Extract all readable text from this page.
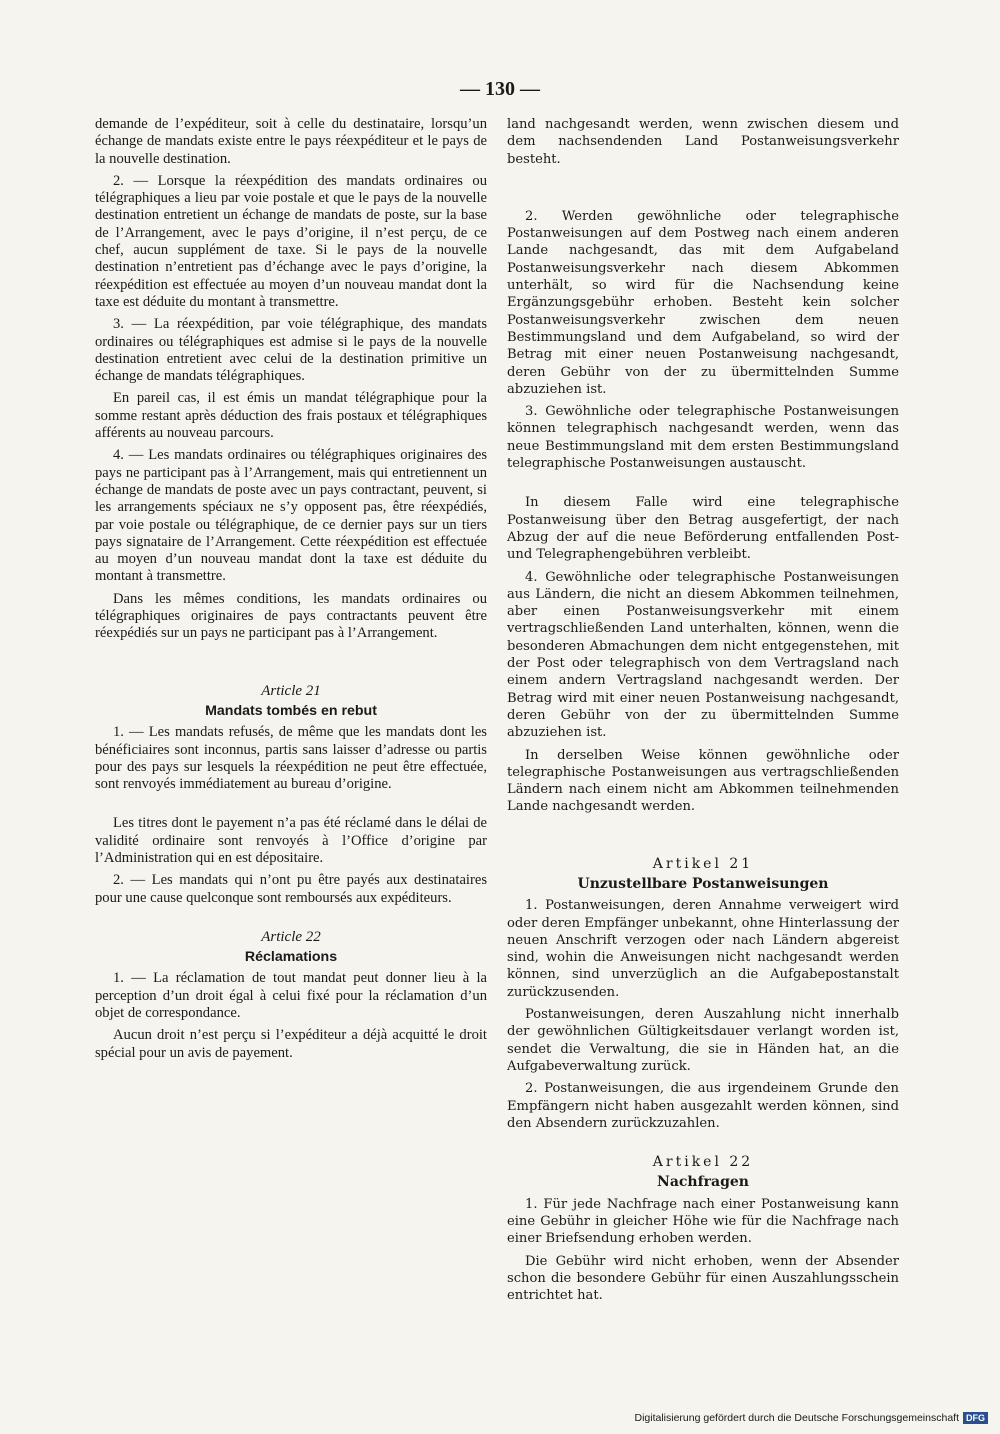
— 130 —

demande de l’expéditeur, soit à celle du destinataire, lorsqu’un échange de mandats existe entre le pays réexpéditeur et le pays de la nouvelle destination.

2. — Lorsque la réexpédition des mandats ordinaires ou télégraphiques a lieu par voie postale et que le pays de la nouvelle destination entretient un échange de mandats de poste, sur la base de l’Arrangement, avec le pays d’origine, il n’est perçu, de ce chef, aucun supplément de taxe. Si le pays de la nouvelle destination n’entretient pas d’échange avec le pays d’origine, la réexpédition est effectuée au moyen d’un nouveau mandat dont la taxe est déduite du montant à transmettre.

3. — La réexpédition, par voie télégraphique, des mandats ordinaires ou télégraphiques est admise si le pays de la nouvelle destination entretient avec celui de la destination primitive un échange de mandats télégraphiques.

En pareil cas, il est émis un mandat télégraphique pour la somme restant après déduction des frais postaux et télégraphiques afférents au nouveau parcours.

4. — Les mandats ordinaires ou télégraphiques originaires des pays ne participant pas à l’Arrangement, mais qui entretiennent un échange de mandats de poste avec un pays contractant, peuvent, si les arrangements spéciaux ne s’y opposent pas, être réexpédiés, par voie postale ou télégraphique, de ce dernier pays sur un tiers pays signataire de l’Arrangement. Cette réexpédition est effectuée au moyen d’un nouveau mandat dont la taxe est déduite du montant à transmettre.

Dans les mêmes conditions, les mandats ordinaires ou télégraphiques originaires de pays contractants peuvent être réexpédiés sur un pays ne participant pas à l’Arrangement.

Article 21

Mandats tombés en rebut

1. — Les mandats refusés, de même que les mandats dont les bénéficiaires sont inconnus, partis sans laisser d’adresse ou partis pour des pays sur lesquels la réexpédition ne peut être effectuée, sont renvoyés immédiatement au bureau d’origine.

Les titres dont le payement n’a pas été réclamé dans le délai de validité ordinaire sont renvoyés à l’Office d’origine par l’Administration qui en est dépositaire.

2. — Les mandats qui n’ont pu être payés aux destinataires pour une cause quelconque sont remboursés aux expéditeurs.

Article 22

Réclamations

1. — La réclamation de tout mandat peut donner lieu à la perception d’un droit égal à celui fixé pour la réclamation d’un objet de correspondance.

Aucun droit n’est perçu si l’expéditeur a déjà acquitté le droit spécial pour un avis de payement.

land nachgesandt werden, wenn zwischen diesem und dem nachsendenden Land Postanweisungsverkehr besteht.

2. Werden gewöhnliche oder telegraphische Postanweisungen auf dem Postweg nach einem anderen Lande nachgesandt, das mit dem Aufgabeland Postanweisungsverkehr nach diesem Abkommen unterhält, so wird für die Nachsendung keine Ergänzungsgebühr erhoben. Besteht kein solcher Postanweisungsverkehr zwischen dem neuen Bestimmungsland und dem Aufgabeland, so wird der Betrag mit einer neuen Postanweisung nachgesandt, deren Gebühr von der zu übermittelnden Summe abzuziehen ist.

3. Gewöhnliche oder telegraphische Postanweisungen können telegraphisch nachgesandt werden, wenn das neue Bestimmungsland mit dem ersten Bestimmungsland telegraphische Postanweisungen austauscht.

In diesem Falle wird eine telegraphische Postanweisung über den Betrag ausgefertigt, der nach Abzug der auf die neue Beförderung entfallenden Post- und Telegraphengebühren verbleibt.

4. Gewöhnliche oder telegraphische Postanweisungen aus Ländern, die nicht an diesem Abkommen teilnehmen, aber einen Postanweisungsverkehr mit einem vertragschließenden Land unterhalten, können, wenn die besonderen Abmachungen dem nicht entgegenstehen, mit der Post oder telegraphisch von dem Vertragsland nach einem andern Vertragsland nachgesandt werden. Der Betrag wird mit einer neuen Postanweisung nachgesandt, deren Gebühr von der zu übermittelnden Summe abzuziehen ist.

In derselben Weise können gewöhnliche oder telegraphische Postanweisungen aus vertragschließenden Ländern nach einem nicht am Abkommen teilnehmenden Lande nachgesandt werden.

Artikel 21

Unzustellbare Postanweisungen

1. Postanweisungen, deren Annahme verweigert wird oder deren Empfänger unbekannt, ohne Hinterlassung der neuen Anschrift verzogen oder nach Ländern abgereist sind, wohin die Anweisungen nicht nachgesandt werden können, sind unverzüglich an die Aufgabepostanstalt zurückzusenden.

Postanweisungen, deren Auszahlung nicht innerhalb der gewöhnlichen Gültigkeitsdauer verlangt worden ist, sendet die Verwaltung, die sie in Händen hat, an die Aufgabeverwaltung zurück.

2. Postanweisungen, die aus irgendeinem Grunde den Empfängern nicht haben ausgezahlt werden können, sind den Absendern zurückzuzahlen.

Artikel 22

Nachfragen

1. Für jede Nachfrage nach einer Postanweisung kann eine Gebühr in gleicher Höhe wie für die Nachfrage nach einer Briefsendung erhoben werden.

Die Gebühr wird nicht erhoben, wenn der Absender schon die besondere Gebühr für einen Auszahlungsschein entrichtet hat.

Digitalisierung gefördert durch die Deutsche Forschungsgemeinschaft DFG
